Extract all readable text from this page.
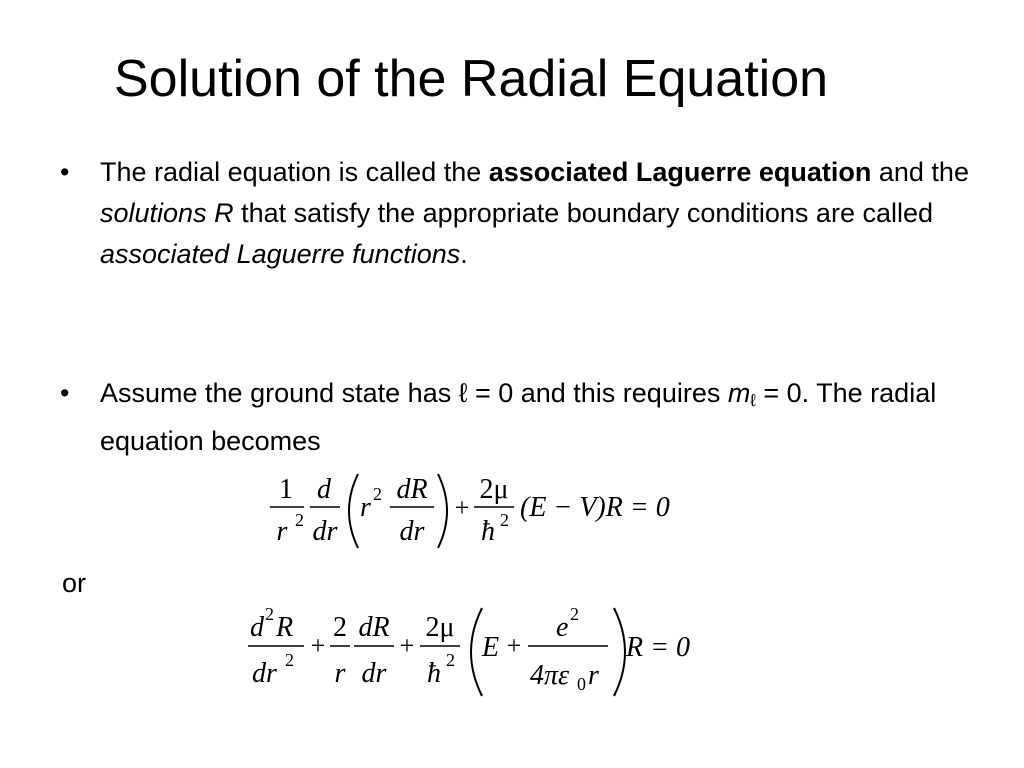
Solution of the Radial Equation
• The radial equation is called the associated Laguerre equation and the solutions R that satisfy the appropriate boundary conditions are called associated Laguerre functions.
• Assume the ground state has ℓ = 0 and this requires $m_\ell = 0$. The radial equation becomes
1
r 2
d
dr
r 2 dR
dr
+
2μ
ħ 2 (E − V)R = 0
or
d 2 R
dr 2 +
2
r
dR
dr
+
2μ
ħ 2 E +
e 2
4πε 0 r
R = 0
